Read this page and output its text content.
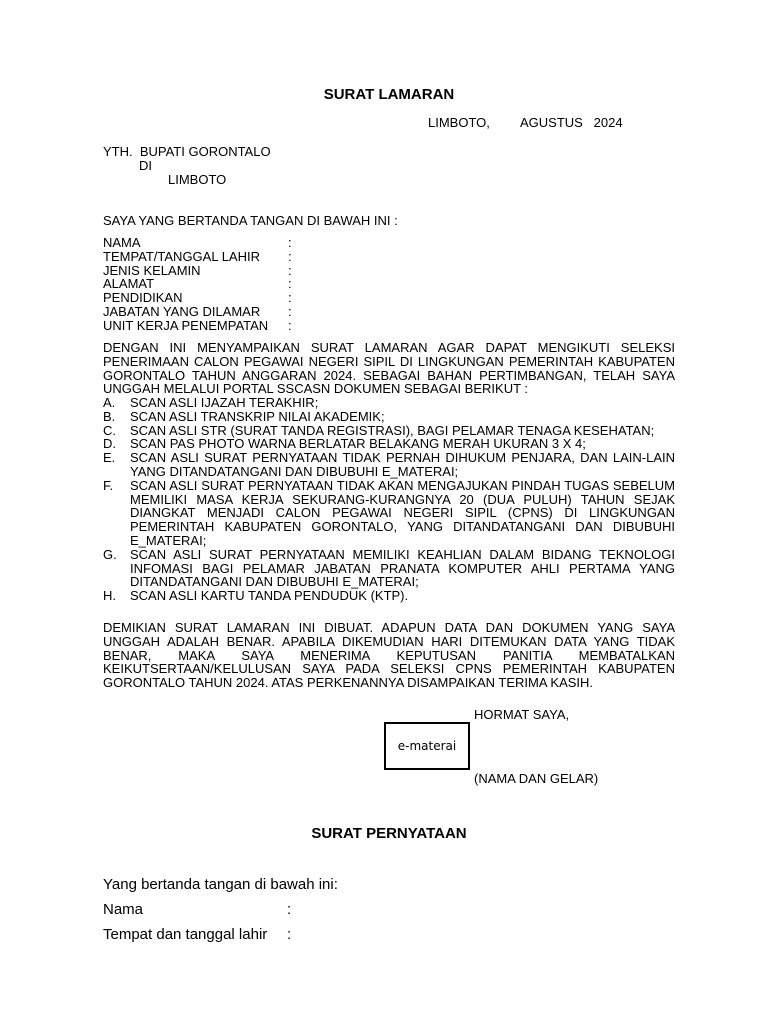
SURAT LAMARAN
LIMBOTO, AGUSTUS   2024
YTH.  BUPATI GORONTALO
DI
LIMBOTO
SAYA YANG BERTANDA TANGAN DI BAWAH INI :
NAMA	:
TEMPAT/TANGGAL LAHIR	:
JENIS KELAMIN	:
ALAMAT	:
PENDIDIKAN	:
JABATAN YANG DILAMAR	:
UNIT KERJA PENEMPATAN	:
DENGAN INI MENYAMPAIKAN SURAT LAMARAN AGAR DAPAT MENGIKUTI SELEKSI
PENERIMAAN CALON PEGAWAI NEGERI SIPIL DI LINGKUNGAN PEMERINTAH KABUPATEN
GORONTALO TAHUN ANGGARAN 2024. SEBAGAI BAHAN PERTIMBANGAN, TELAH SAYA
UNGGAH MELALUI PORTAL SSCASN DOKUMEN SEBAGAI BERIKUT :
A.	SCAN ASLI IJAZAH TERAKHIR;
B.	SCAN ASLI TRANSKRIP NILAI AKADEMIK;
C.	SCAN ASLI STR (SURAT TANDA REGISTRASI), BAGI PELAMAR TENAGA KESEHATAN;
D.	SCAN PAS PHOTO WARNA BERLATAR BELAKANG MERAH UKURAN 3 X 4;
E.	SCAN ASLI SURAT PERNYATAAN TIDAK PERNAH DIHUKUM PENJARA, DAN LAIN-LAIN YANG DITANDATANGANI DAN DIBUBUHI E_MATERAI;
F.	SCAN ASLI SURAT PERNYATAAN TIDAK AKAN MENGAJUKAN PINDAH TUGAS SEBELUM MEMILIKI MASA KERJA SEKURANG-KURANGNYA 20 (DUA PULUH) TAHUN SEJAK DIANGKAT MENJADI CALON PEGAWAI NEGERI SIPIL (CPNS) DI LINGKUNGAN PEMERINTAH KABUPATEN GORONTALO, YANG DITANDATANGANI DAN DIBUBUHI E_MATERAI;
G.	SCAN ASLI SURAT PERNYATAAN MEMILIKI KEAHLIAN DALAM BIDANG TEKNOLOGI INFOMASI BAGI PELAMAR JABATAN PRANATA KOMPUTER AHLI PERTAMA YANG DITANDATANGANI DAN DIBUBUHI E_MATERAI;
H.	SCAN ASLI KARTU TANDA PENDUDUK (KTP).
DEMIKIAN SURAT LAMARAN INI DIBUAT. ADAPUN DATA DAN DOKUMEN YANG SAYA
UNGGAH ADALAH BENAR. APABILA DIKEMUDIAN HARI DITEMUKAN DATA YANG TIDAK
BENAR, MAKA SAYA MENERIMA KEPUTUSAN PANITIA MEMBATALKAN
KEIKUTSERTAAN/KELULUSAN SAYA PADA SELEKSI CPNS PEMERINTAH KABUPATEN
GORONTALO TAHUN 2024. ATAS PERKENANNYA DISAMPAIKAN TERIMA KASIH.
HORMAT SAYA,
e-materai
(NAMA DAN GELAR)
SURAT PERNYATAAN
Yang bertanda tangan di bawah ini:
Nama	:
Tempat dan tanggal lahir :
